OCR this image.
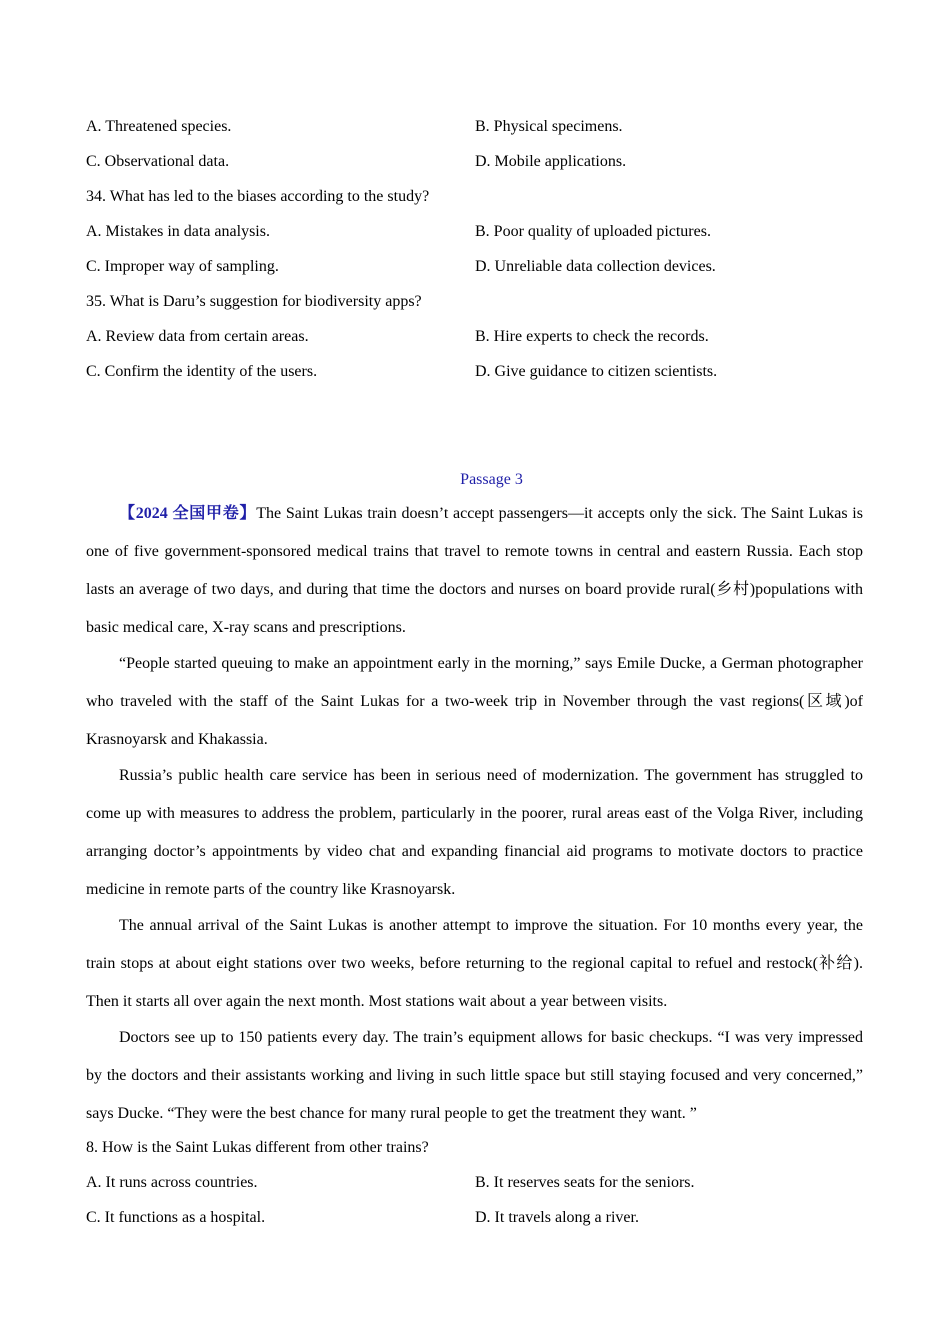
A. Threatened species.	B. Physical specimens.
C. Observational data.	D. Mobile applications.
34. What has led to the biases according to the study?
A. Mistakes in data analysis.	B. Poor quality of uploaded pictures.
C. Improper way of sampling.	D. Unreliable data collection devices.
35. What is Daru’s suggestion for biodiversity apps?
A. Review data from certain areas.	B. Hire experts to check the records.
C. Confirm the identity of the users.	D. Give guidance to citizen scientists.
Passage 3

【2024 全国甲卷】The Saint Lukas train doesn’t accept passengers—it accepts only the sick. The Saint Lukas is one of five government-sponsored medical trains that travel to remote towns in central and eastern Russia. Each stop lasts an average of two days, and during that time the doctors and nurses on board provide rural(乡村)populations with basic medical care, X-ray scans and prescriptions.

“People started queuing to make an appointment early in the morning,” says Emile Ducke, a German photographer who traveled with the staff of the Saint Lukas for a two-week trip in November through the vast regions(区域)of Krasnoyarsk and Khakassia.

Russia’s public health care service has been in serious need of modernization. The government has struggled to come up with measures to address the problem, particularly in the poorer, rural areas east of the Volga River, including arranging doctor’s appointments by video chat and expanding financial aid programs to motivate doctors to practice medicine in remote parts of the country like Krasnoyarsk.

The annual arrival of the Saint Lukas is another attempt to improve the situation. For 10 months every year, the train stops at about eight stations over two weeks, before returning to the regional capital to refuel and restock(补给). Then it starts all over again the next month. Most stations wait about a year between visits.

Doctors see up to 150 patients every day. The train’s equipment allows for basic checkups. “I was very impressed by the doctors and their assistants working and living in such little space but still staying focused and very concerned,” says Ducke. “They were the best chance for many rural people to get the treatment they want. ”

8. How is the Saint Lukas different from other trains?
A. It runs across countries.	B. It reserves seats for the seniors.
C. It functions as a hospital.	D. It travels along a river.
